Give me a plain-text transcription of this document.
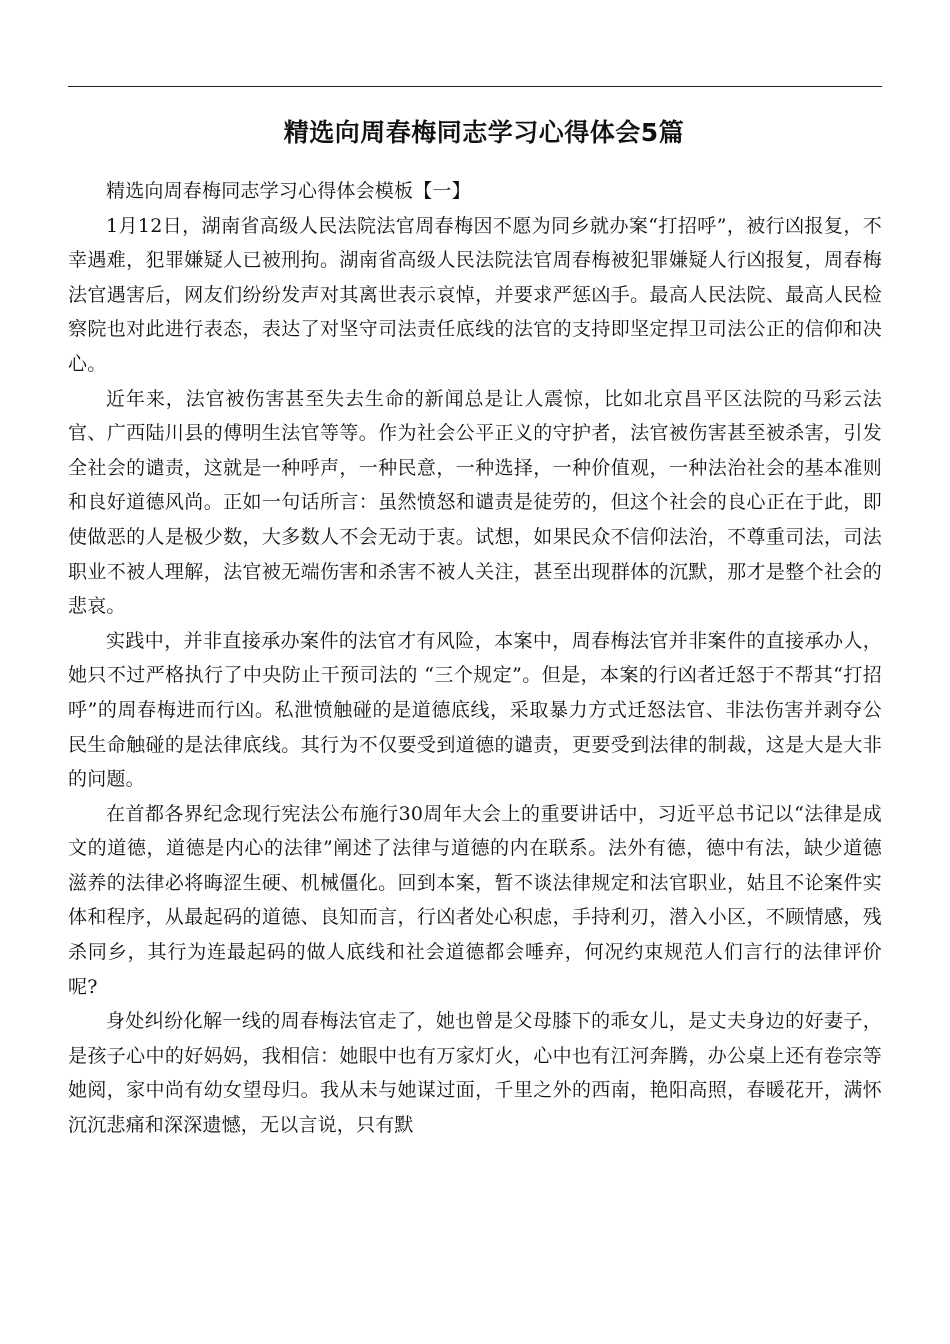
精选向周春梅同志学习心得体会5篇

精选向周春梅同志学习心得体会模板【一】

1月12日，湖南省高级人民法院法官周春梅因不愿为同乡就办案“打招呼”，被行凶报复，不幸遇难，犯罪嫌疑人已被刑拘。湖南省高级人民法院法官周春梅被犯罪嫌疑人行凶报复，周春梅法官遇害后，网友们纷纷发声对其离世表示哀悼，并要求严惩凶手。最高人民法院、最高人民检察院也对此进行表态，表达了对坚守司法责任底线的法官的支持即坚定捍卫司法公正的信仰和决心。

近年来，法官被伤害甚至失去生命的新闻总是让人震惊，比如北京昌平区法院的马彩云法官、广西陆川县的傅明生法官等等。作为社会公平正义的守护者，法官被伤害甚至被杀害，引发全社会的谴责，这就是一种呼声，一种民意，一种选择，一种价值观，一种法治社会的基本准则和良好道德风尚。正如一句话所言：虽然愤怒和谴责是徒劳的，但这个社会的良心正在于此，即使做恶的人是极少数，大多数人不会无动于衷。试想，如果民众不信仰法治，不尊重司法，司法职业不被人理解，法官被无端伤害和杀害不被人关注，甚至出现群体的沉默，那才是整个社会的悲哀。

实践中，并非直接承办案件的法官才有风险，本案中，周春梅法官并非案件的直接承办人，她只不过严格执行了中央防止干预司法的 “三个规定”。但是，本案的行凶者迁怒于不帮其“打招呼”的周春梅进而行凶。私泄愤触碰的是道德底线，采取暴力方式迁怒法官、非法伤害并剥夺公民生命触碰的是法律底线。其行为不仅要受到道德的谴责，更要受到法律的制裁，这是大是大非的问题。

在首都各界纪念现行宪法公布施行30周年大会上的重要讲话中，习近平总书记以“法律是成文的道德，道德是内心的法律”阐述了法律与道德的内在联系。法外有德，德中有法，缺少道德滋养的法律必将晦涩生硬、机械僵化。回到本案，暂不谈法律规定和法官职业，姑且不论案件实体和程序，从最起码的道德、良知而言，行凶者处心积虑，手持利刃，潜入小区，不顾情感，残杀同乡，其行为连最起码的做人底线和社会道德都会唾弃，何况约束规范人们言行的法律评价呢?

身处纠纷化解一线的周春梅法官走了，她也曾是父母膝下的乖女儿，是丈夫身边的好妻子，是孩子心中的好妈妈，我相信：她眼中也有万家灯火，心中也有江河奔腾，办公桌上还有卷宗等她阅，家中尚有幼女望母归。我从未与她谋过面，千里之外的西南，艳阳高照，春暖花开，满怀沉沉悲痛和深深遗憾，无以言说，只有默
